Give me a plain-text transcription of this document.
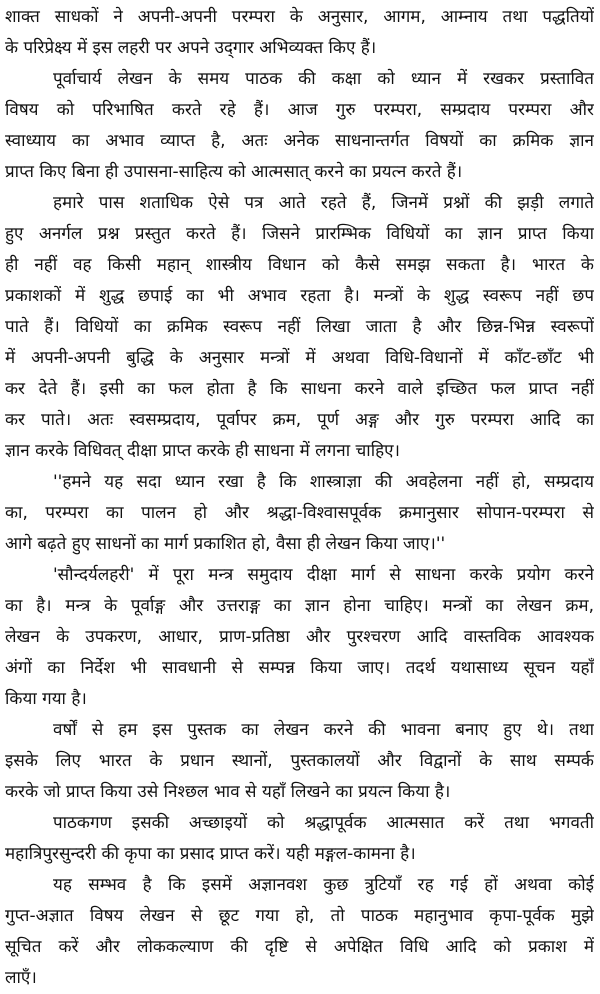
शाक्त साधकों ने अपनी-अपनी परम्परा के अनुसार, आगम, आम्नाय तथा पद्धतियों
के परिप्रेक्ष्य में इस लहरी पर अपने उद्‌गार अभिव्यक्त किए हैं।
पूर्वाचार्य लेखन के समय पाठक की कक्षा को ध्यान में रखकर प्रस्तावित
विषय को परिभाषित करते रहे हैं। आज गुरु परम्परा, सम्प्रदाय परम्परा और
स्वाध्याय का अभाव व्याप्त है, अतः अनेक साधनान्तर्गत विषयों का क्रमिक ज्ञान
प्राप्त किए बिना ही उपासना-साहित्य को आत्मसात् करने का प्रयत्न करते हैं।
हमारे पास शताधिक ऐसे पत्र आते रहते हैं, जिनमें प्रश्नों की झड़ी लगाते
हुए अनर्गल प्रश्न प्रस्तुत करते हैं। जिसने प्रारम्भिक विधियों का ज्ञान प्राप्त किया
ही नहीं वह किसी महान् शास्त्रीय विधान को कैसे समझ सकता है। भारत के
प्रकाशकों में शुद्ध छपाई का भी अभाव रहता है। मन्त्रों के शुद्ध स्वरूप नहीं छप
पाते हैं। विधियों का क्रमिक स्वरूप नहीं लिखा जाता है और छिन्न-भिन्न स्वरूपों
में अपनी-अपनी बुद्धि के अनुसार मन्त्रों में अथवा विधि-विधानों में काँट-छाँट भी
कर देते हैं। इसी का फल होता है कि साधना करने वाले इच्छित फल प्राप्त नहीं
कर पाते। अतः स्वसम्प्रदाय, पूर्वापर क्रम, पूर्ण अङ्ग और गुरु परम्परा आदि का
ज्ञान करके विधिवत् दीक्षा प्राप्त करके ही साधना में लगना चाहिए।
''हमने यह सदा ध्यान रखा है कि शास्त्राज्ञा की अवहेलना नहीं हो, सम्प्रदाय
का, परम्परा का पालन हो और श्रद्धा-विश्वासपूर्वक क्रमानुसार सोपान-परम्परा से
आगे बढ़ते हुए साधनों का मार्ग प्रकाशित हो, वैसा ही लेखन किया जाए।''
'सौन्दर्यलहरी' में पूरा मन्त्र समुदाय दीक्षा मार्ग से साधना करके प्रयोग करने
का है। मन्त्र के पूर्वाङ्ग और उत्तराङ्ग का ज्ञान होना चाहिए। मन्त्रों का लेखन क्रम,
लेखन के उपकरण, आधार, प्राण-प्रतिष्ठा और पुरश्चरण आदि वास्तविक आवश्यक
अंगों का निर्देश भी सावधानी से सम्पन्न किया जाए। तदर्थ यथासाध्य सूचन यहाँ
किया गया है।
वर्षों से हम इस पुस्तक का लेखन करने की भावना बनाए हुए थे। तथा
इसके लिए भारत के प्रधान स्थानों, पुस्तकालयों और विद्वानों के साथ सम्पर्क
करके जो प्राप्त किया उसे निश्छल भाव से यहाँ लिखने का प्रयत्न किया है।
पाठकगण इसकी अच्छाइयों को श्रद्धापूर्वक आत्मसात करें तथा भगवती
महात्रिपुरसुन्दरी की कृपा का प्रसाद प्राप्त करें। यही मङ्गल-कामना है।
यह सम्भव है कि इसमें अज्ञानवश कुछ त्रुटियाँ रह गई हों अथवा कोई
गुप्त-अज्ञात विषय लेखन से छूट गया हो, तो पाठक महानुभाव कृपा-पूर्वक मुझे
सूचित करें और लोककल्याण की दृष्टि से अपेक्षित विधि आदि को प्रकाश में
लाएँ।
